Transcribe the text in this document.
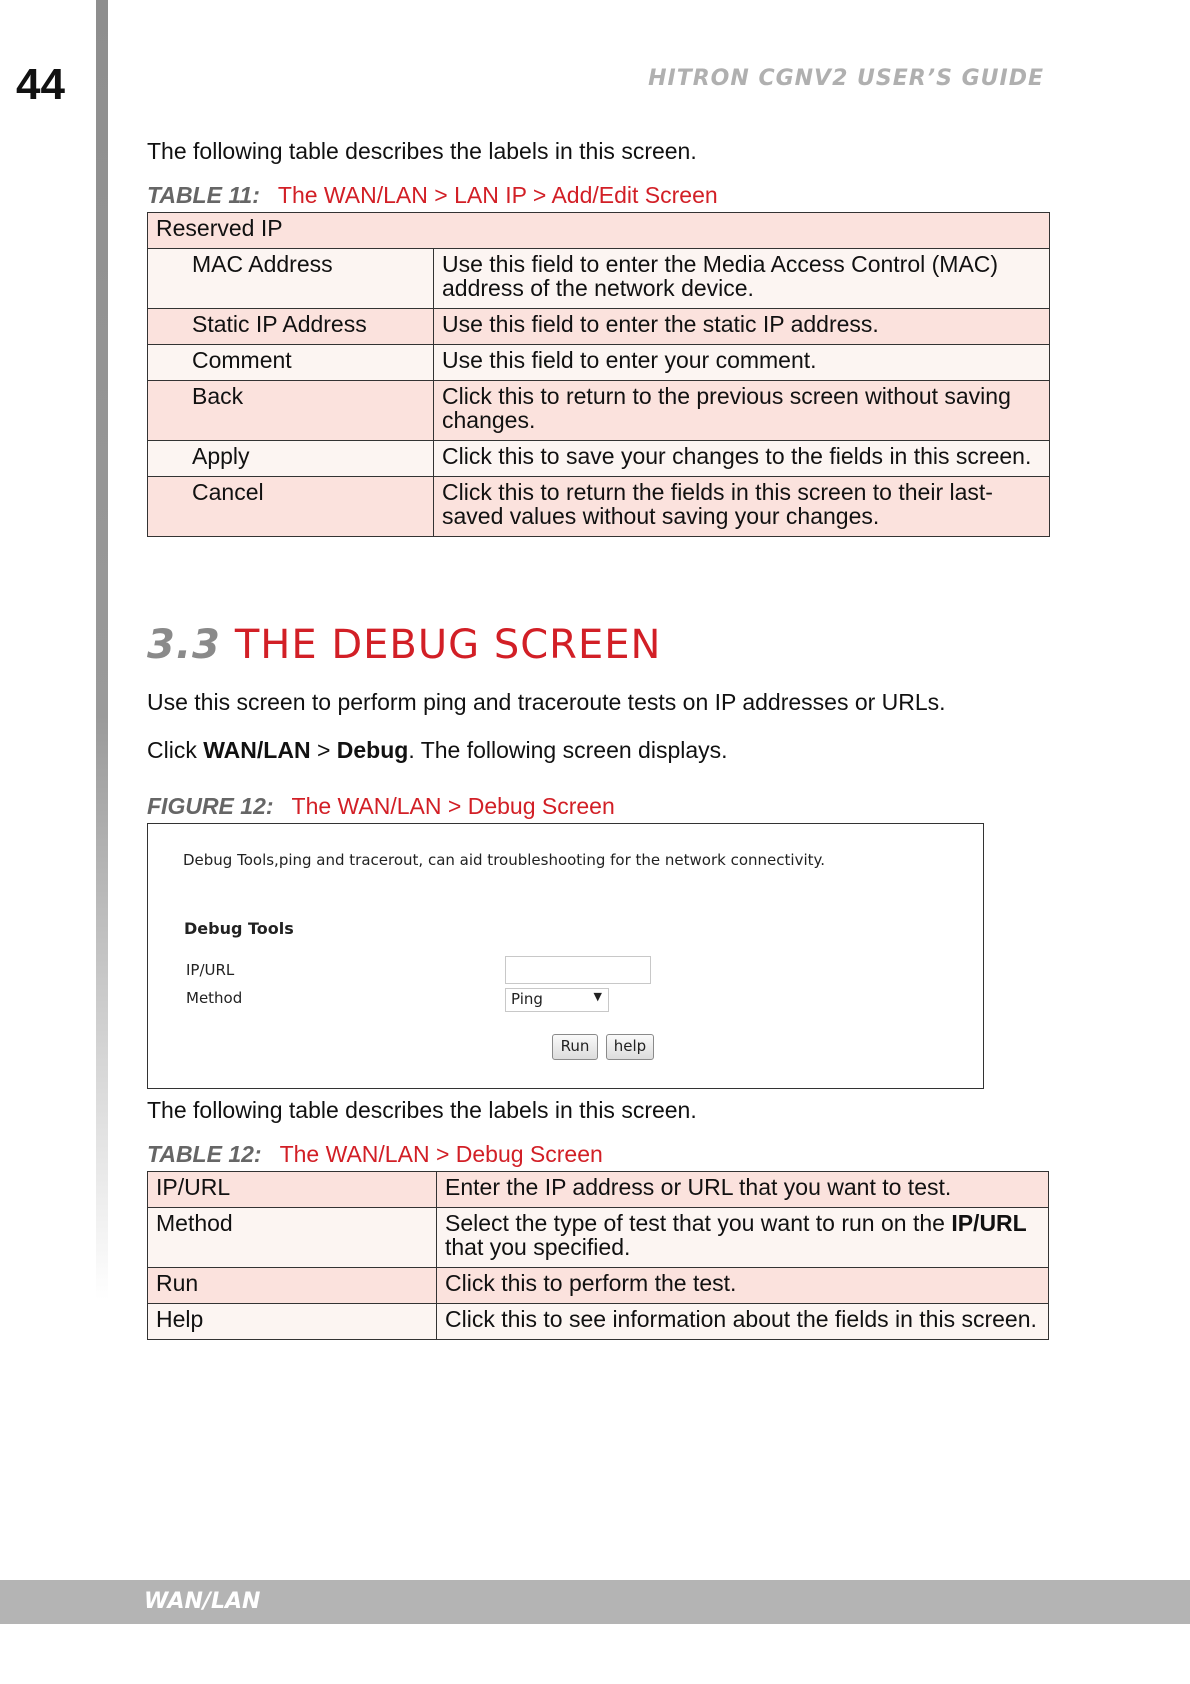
44	HITRON CGNV2 USER’S GUIDE
The following table describes the labels in this screen.
TABLE 11: The WAN/LAN > LAN IP > Add/Edit Screen
Reserved IP	
MAC Address	Use this field to enter the Media Access Control (MAC) address of the network device.
Static IP Address	Use this field to enter the static IP address.
Comment	Use this field to enter your comment.
Back	Click this to return to the previous screen without saving changes.
Apply	Click this to save your changes to the fields in this screen.
Cancel	Click this to return the fields in this screen to their last-saved values without saving your changes.
3.3 THE DEBUG SCREEN
Use this screen to perform ping and traceroute tests on IP addresses or URLs.
Click WAN/LAN > Debug. The following screen displays.
FIGURE 12: The WAN/LAN > Debug Screen
Debug Tools,ping and tracerout, can aid troubleshooting for the network connectivity.
Debug Tools
IP/URL
Method	Ping	▼
Run	help
The following table describes the labels in this screen.
TABLE 12: The WAN/LAN > Debug Screen
IP/URL	Enter the IP address or URL that you want to test.
Method	Select the type of test that you want to run on the IP/URL that you specified.
Run	Click this to perform the test.
Help	Click this to see information about the fields in this screen.
WAN/LAN
